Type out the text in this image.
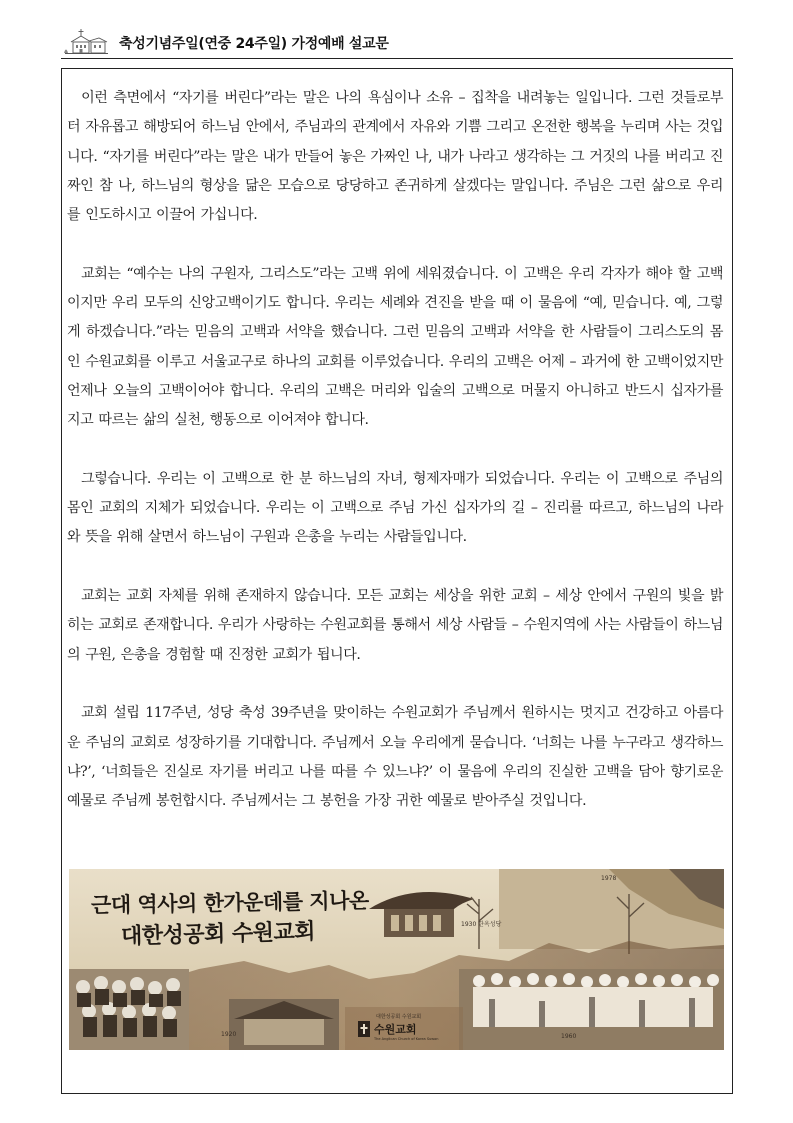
축성기념주일(연중 24주일) 가정예배 설교문

이런 측면에서 “자기를 버린다”라는 말은 나의 욕심이나 소유 – 집착을 내려놓는 일입니다. 그런 것들로부터 자유롭고 해방되어 하느님 안에서, 주님과의 관계에서 자유와 기쁨 그리고 온전한 행복을 누리며 사는 것입니다. “자기를 버린다”라는 말은 내가 만들어 놓은 가짜인 나, 내가 나라고 생각하는 그 거짓의 나를 버리고 진짜인 참 나, 하느님의 형상을 닮은 모습으로 당당하고 존귀하게 살겠다는 말입니다. 주님은 그런 삶으로 우리를 인도하시고 이끌어 가십니다.

교회는 “예수는 나의 구원자, 그리스도”라는 고백 위에 세워졌습니다. 이 고백은 우리 각자가 해야 할 고백이지만 우리 모두의 신앙고백이기도 합니다. 우리는 세례와 견진을 받을 때 이 물음에 “예, 믿습니다. 예, 그렇게 하겠습니다.”라는 믿음의 고백과 서약을 했습니다. 그런 믿음의 고백과 서약을 한 사람들이 그리스도의 몸인 수원교회를 이루고 서울교구로 하나의 교회를 이루었습니다. 우리의 고백은 어제 – 과거에 한 고백이었지만 언제나 오늘의 고백이어야 합니다. 우리의 고백은 머리와 입술의 고백으로 머물지 아니하고 반드시 십자가를 지고 따르는 삶의 실천, 행동으로 이어져야 합니다.

그렇습니다. 우리는 이 고백으로 한 분 하느님의 자녀, 형제자매가 되었습니다. 우리는 이 고백으로 주님의 몸인 교회의 지체가 되었습니다. 우리는 이 고백으로 주님 가신 십자가의 길 – 진리를 따르고, 하느님의 나라와 뜻을 위해 살면서 하느님이 구원과 은총을 누리는 사람들입니다.

교회는 교회 자체를 위해 존재하지 않습니다. 모든 교회는 세상을 위한 교회 – 세상 안에서 구원의 빛을 밝히는 교회로 존재합니다. 우리가 사랑하는 수원교회를 통해서 세상 사람들 – 수원지역에 사는 사람들이 하느님의 구원, 은총을 경험할 때 진정한 교회가 됩니다.

교회 설립 117주년, 성당 축성 39주년을 맞이하는 수원교회가 주님께서 원하시는 멋지고 건강하고 아름다운 주님의 교회로 성장하기를 기대합니다. 주님께서 오늘 우리에게 묻습니다. ‘너희는 나를 누구라고 생각하느냐?’, ‘너희들은 진실로 자기를 버리고 나를 따를 수 있느냐?’ 이 물음에 우리의 진실한 고백을 담아 향기로운 예물로 주님께 봉헌합시다. 주님께서는 그 봉헌을 가장 귀한 예물로 받아주실 것입니다.

근대 역사의 한가운데를 지나온
대한성공회 수원교회
1920
1978
1960
1930 한옥성당
대한성공회 수원교회
수원교회
The Anglican Church of Korea Suwon
